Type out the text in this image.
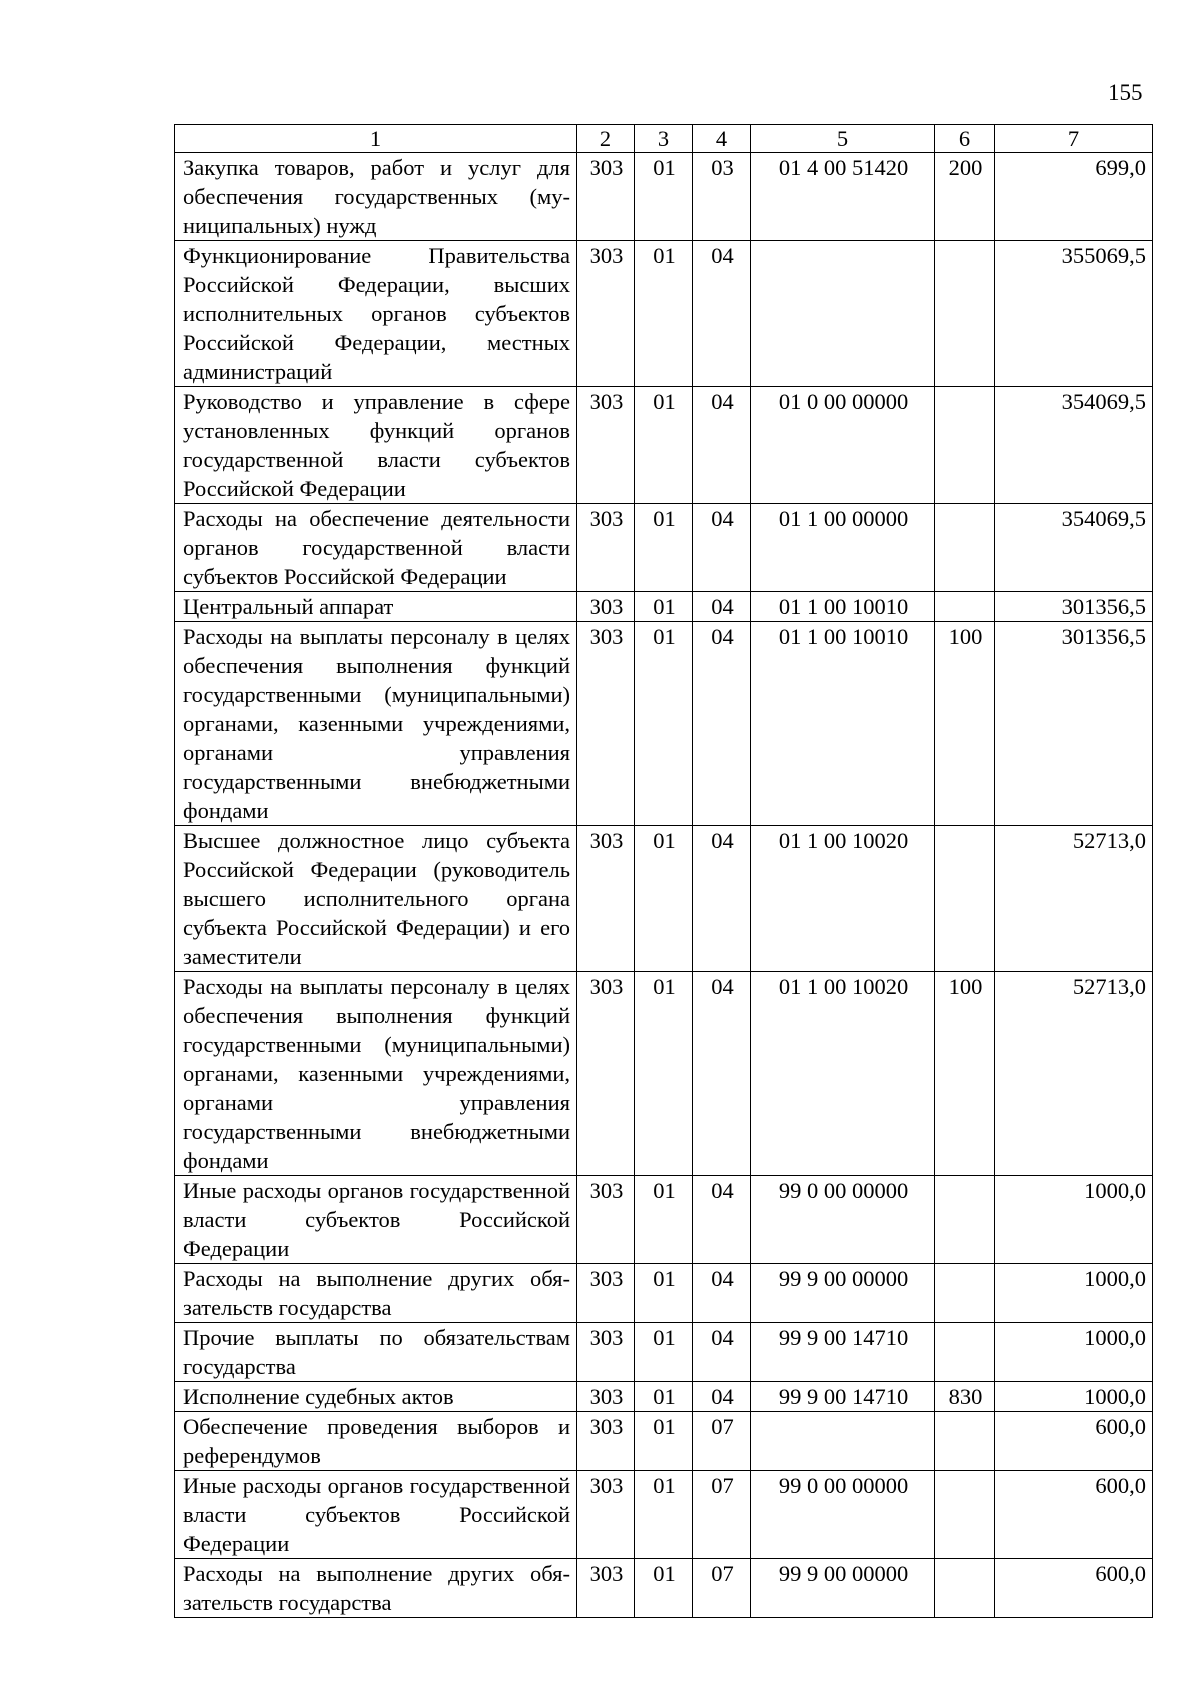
155
1	2	3	4	5	6	7
Закупка товаров, работ и услуг для обеспечения государственных (муниципальных) нужд	303	01	03	01 4 00 51420	200	699,0
Функционирование Правительства Российской Федерации, высших исполнительных органов субъектов Российской Федерации, местных администраций	303	01	04			355069,5
Руководство и управление в сфере установленных функций органов государственной власти субъектов Российской Федерации	303	01	04	01 0 00 00000		354069,5
Расходы на обеспечение деятельности органов государственной власти субъектов Российской Федерации	303	01	04	01 1 00 00000		354069,5
Центральный аппарат	303	01	04	01 1 00 10010		301356,5
Расходы на выплаты персоналу в целях обеспечения выполнения функций государственными (муниципальными) органами, казенными учреждениями, органами управления государственными внебюджетными фондами	303	01	04	01 1 00 10010	100	301356,5
Высшее должностное лицо субъекта Российской Федерации (руководитель высшего исполнительного органа субъекта Российской Федерации) и его заместители	303	01	04	01 1 00 10020		52713,0
Расходы на выплаты персоналу в целях обеспечения выполнения функций государственными (муниципальными) органами, казенными учреждениями, органами управления государственными внебюджетными фондами	303	01	04	01 1 00 10020	100	52713,0
Иные расходы органов государственной власти субъектов Российской Федерации	303	01	04	99 0 00 00000		1000,0
Расходы на выполнение других обязательств государства	303	01	04	99 9 00 00000		1000,0
Прочие выплаты по обязательствам государства	303	01	04	99 9 00 14710		1000,0
Исполнение судебных актов	303	01	04	99 9 00 14710	830	1000,0
Обеспечение проведения выборов и референдумов	303	01	07			600,0
Иные расходы органов государственной власти субъектов Российской Федерации	303	01	07	99 0 00 00000		600,0
Расходы на выполнение других обязательств государства	303	01	07	99 9 00 00000		600,0
